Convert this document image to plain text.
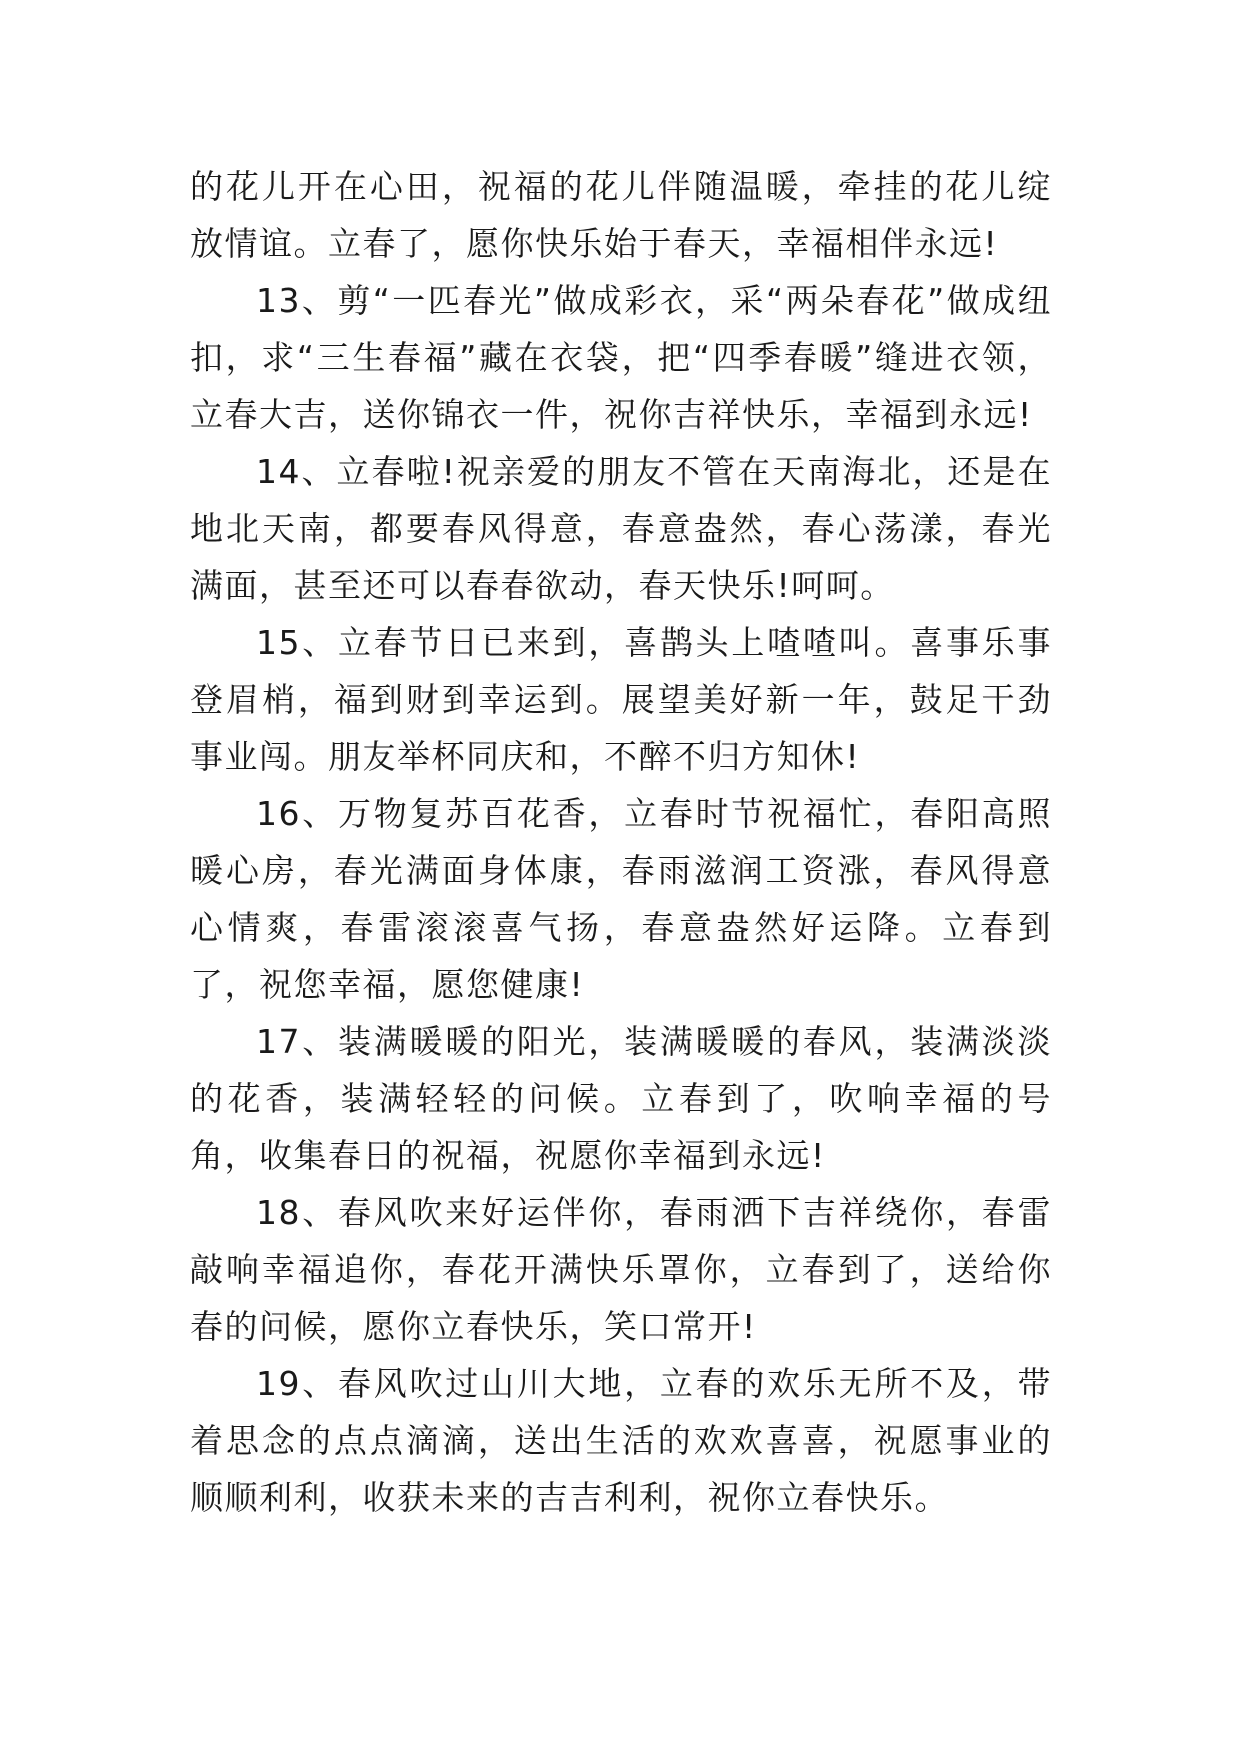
的花儿开在心田，祝福的花儿伴随温暖，牵挂的花儿绽放情谊。立春了，愿你快乐始于春天，幸福相伴永远!

13、剪“一匹春光”做成彩衣，采“两朵春花”做成纽扣，求“三生春福”藏在衣袋，把“四季春暖”缝进衣领，立春大吉，送你锦衣一件，祝你吉祥快乐，幸福到永远!

14、立春啦!祝亲爱的朋友不管在天南海北，还是在地北天南，都要春风得意，春意盎然，春心荡漾，春光满面，甚至还可以春春欲动，春天快乐!呵呵。

15、立春节日已来到，喜鹊头上喳喳叫。喜事乐事登眉梢，福到财到幸运到。展望美好新一年，鼓足干劲事业闯。朋友举杯同庆和，不醉不归方知休!

16、万物复苏百花香，立春时节祝福忙，春阳高照暖心房，春光满面身体康，春雨滋润工资涨，春风得意心情爽，春雷滚滚喜气扬，春意盎然好运降。立春到了，祝您幸福，愿您健康!

17、装满暖暖的阳光，装满暖暖的春风，装满淡淡的花香，装满轻轻的问候。立春到了，吹响幸福的号角，收集春日的祝福，祝愿你幸福到永远!

18、春风吹来好运伴你，春雨洒下吉祥绕你，春雷敲响幸福追你，春花开满快乐罩你，立春到了，送给你春的问候，愿你立春快乐，笑口常开!

19、春风吹过山川大地，立春的欢乐无所不及，带着思念的点点滴滴，送出生活的欢欢喜喜，祝愿事业的顺顺利利，收获未来的吉吉利利，祝你立春快乐。
